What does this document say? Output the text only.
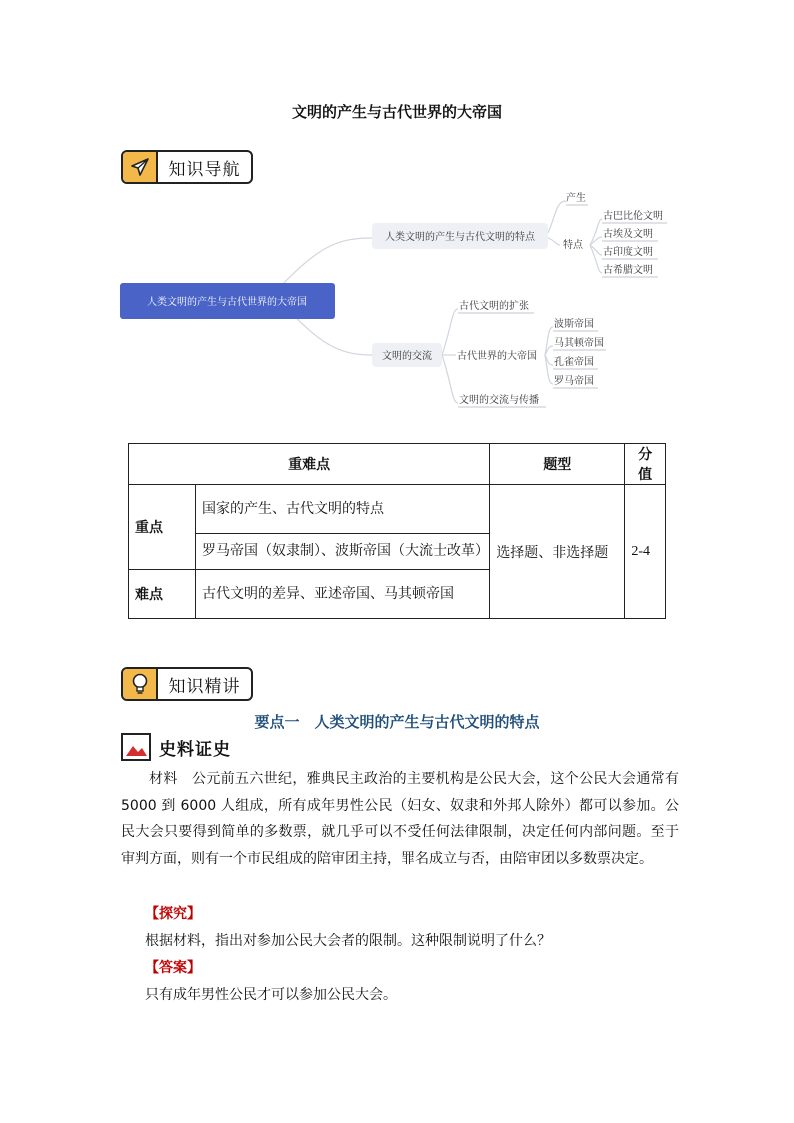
文明的产生与古代世界的大帝国
知识导航
人类文明的产生与古代世界的大帝国
人类文明的产生与古代文明的特点
文明的交流
产生
特点
古巴比伦文明
古埃及文明
古印度文明
古希腊文明
古代文明的扩张
古代世界的大帝国
文明的交流与传播
波斯帝国
马其顿帝国
孔雀帝国
罗马帝国
重难点		题型	分值
重点	国家的产生、古代文明的特点	选择题、非选择题	2-4
	罗马帝国（奴隶制）、波斯帝国（大流士改革）		
难点	古代文明的差异、亚述帝国、马其顿帝国		
知识精讲
要点一　人类文明的产生与古代文明的特点
史料证史
材料　公元前五六世纪，雅典民主政治的主要机构是公民大会，这个公民大会通常有5000 到 6000 人组成，所有成年男性公民（妇女、奴隶和外邦人除外）都可以参加。公民大会只要得到简单的多数票，就几乎可以不受任何法律限制，决定任何内部问题。至于审判方面，则有一个市民组成的陪审团主持，罪名成立与否，由陪审团以多数票决定。
【探究】
根据材料，指出对参加公民大会者的限制。这种限制说明了什么？
【答案】
只有成年男性公民才可以参加公民大会。
